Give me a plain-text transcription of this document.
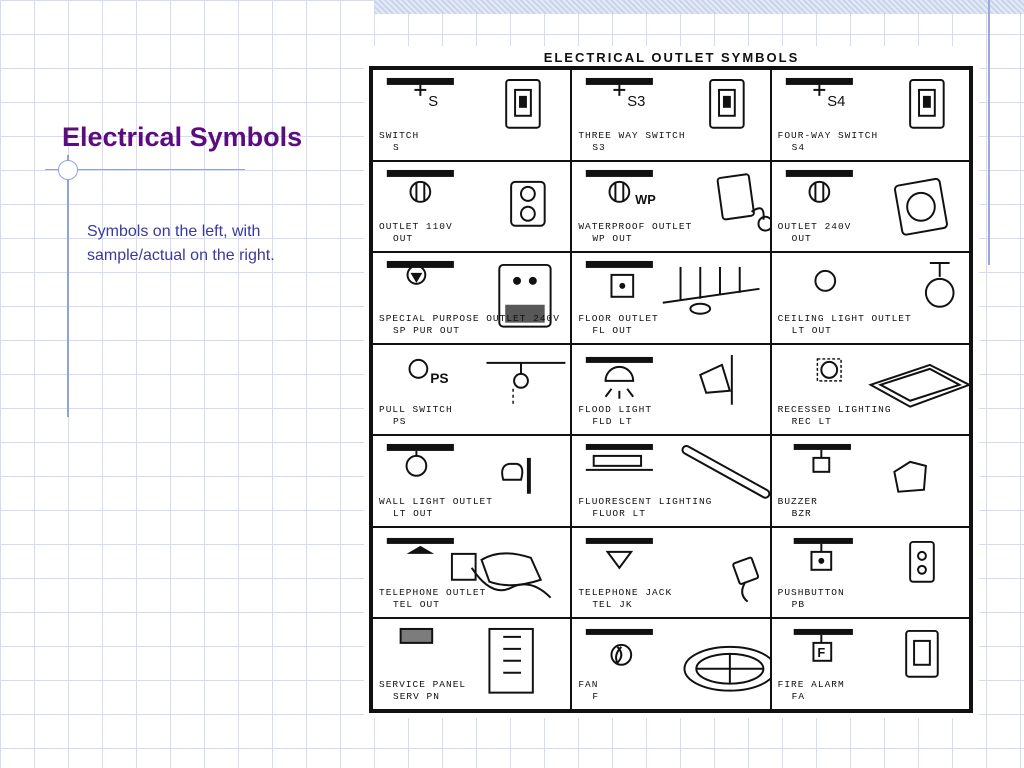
Electrical Symbols

Symbols on the left, with sample/actual on the right.

ELECTRICAL OUTLET SYMBOLS
S
SWITCH
S
S3
THREE WAY SWITCH
S3
S4
FOUR-WAY SWITCH
S4
OUTLET 110V
OUT
WP
WATERPROOF OUTLET
WP OUT
OUTLET 240V
OUT
SPECIAL PURPOSE OUTLET 240V
SP PUR OUT
FLOOR OUTLET
FL OUT
CEILING LIGHT OUTLET
LT OUT
PS
PULL SWITCH
PS
FLOOD LIGHT
FLD LT
RECESSED LIGHTING
REC LT
WALL LIGHT OUTLET
LT OUT
FLUORESCENT LIGHTING
FLUOR LT
BUZZER
BZR
TELEPHONE OUTLET
TEL OUT
TELEPHONE JACK
TEL JK
PUSHBUTTON
PB
SERVICE PANEL
SERV PN
FAN
F
F
FIRE ALARM
FA
